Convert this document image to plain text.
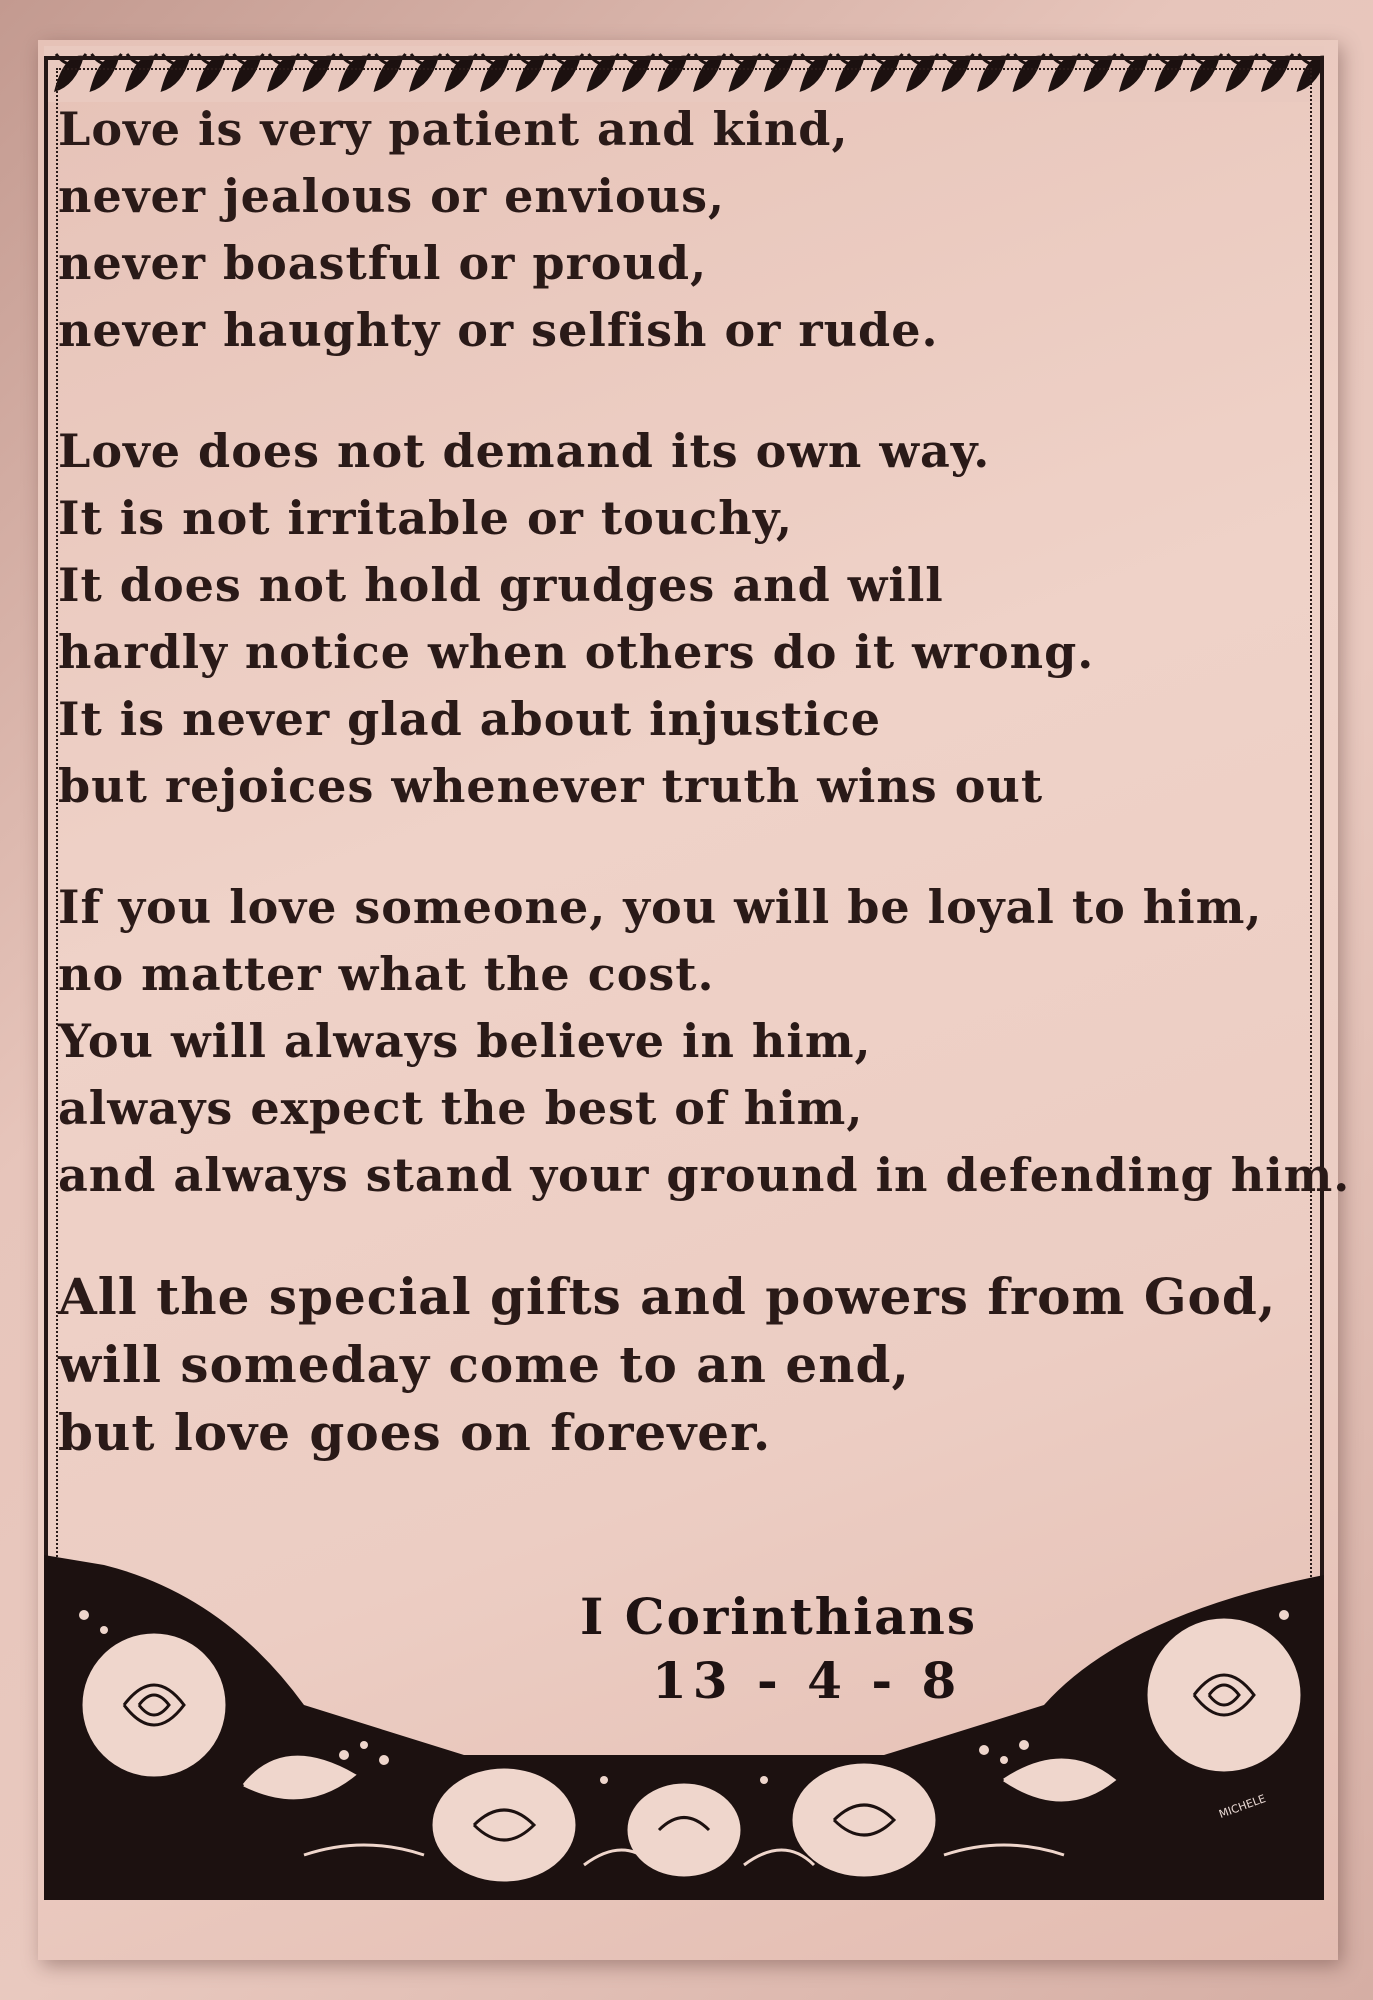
Love is very patient and kind,
never jealous or envious,
never boastful or proud,
never haughty or selfish or rude.
Love does not demand its own way.
It is not irritable or touchy,
It does not hold grudges and will
hardly notice when others do it wrong.
It is never glad about injustice
but rejoices whenever truth wins out
If you love someone, you will be loyal to him,
no matter what the cost.
You will always believe in him,
always expect the best of him,
and always stand your ground in defending him.
All the special gifts and powers from God,
will someday come to an end,
but love goes on forever.
I Corinthians
13 - 4 - 8
MICHELE
